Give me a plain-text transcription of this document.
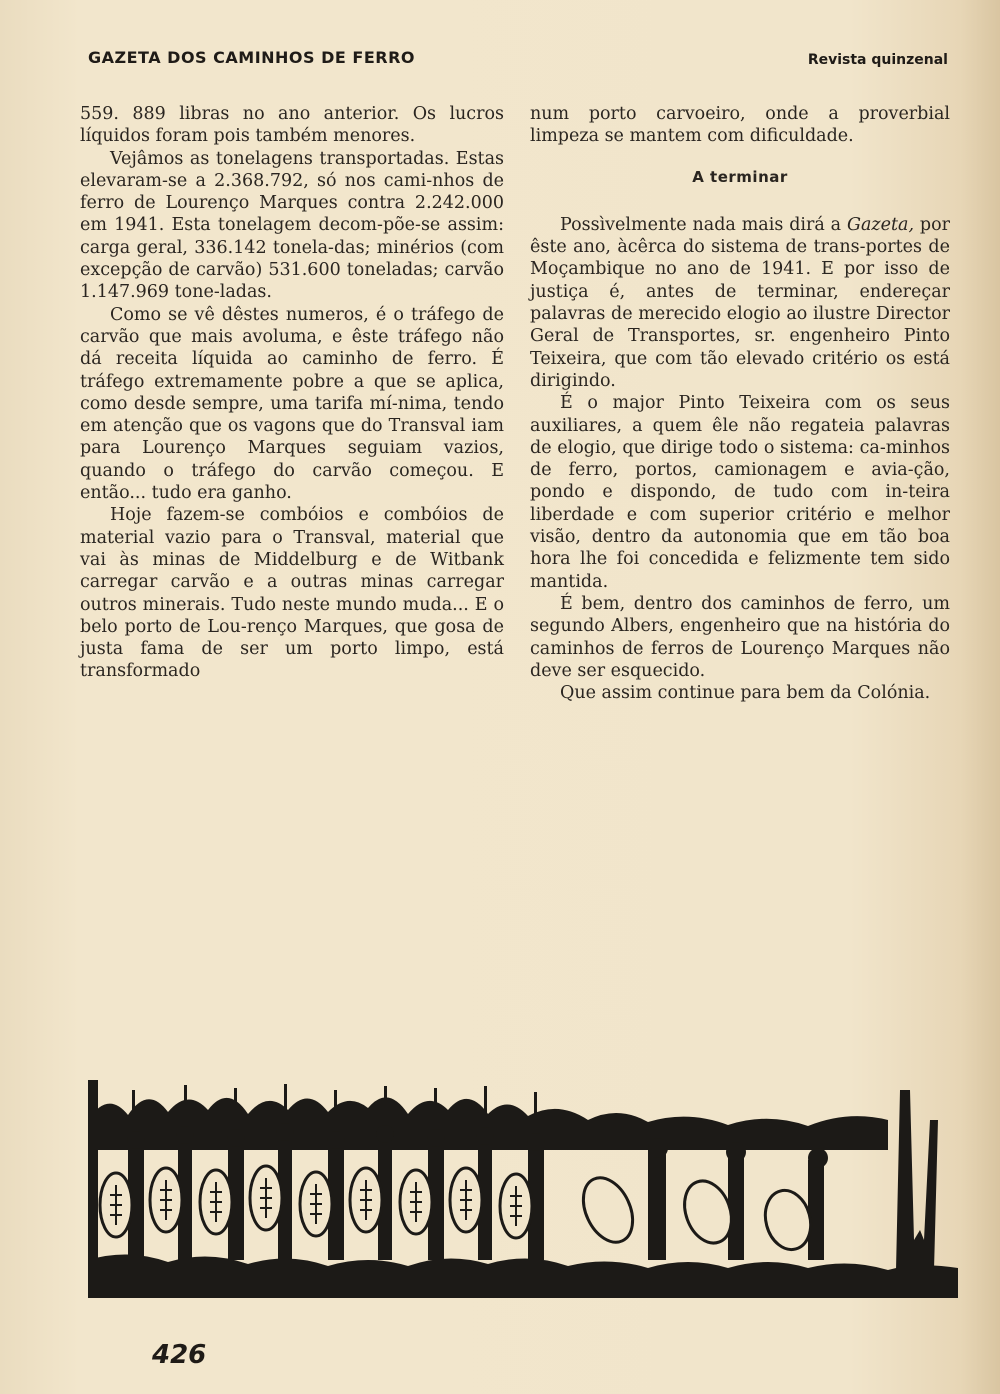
GAZETA DOS CAMINHOS DE FERRO	Revista quinzenal

559. 889 libras no ano anterior. Os lucros líquidos foram pois também menores.

Vejâmos as tonelagens transportadas. Estas elevaram-se a 2.368.792, só nos cami-nhos de ferro de Lourenço Marques contra 2.242.000 em 1941. Esta tonelagem decom-põe-se assim: carga geral, 336.142 tonela-das; minérios (com excepção de carvão) 531.600 toneladas; carvão 1.147.969 tone-ladas.

Como se vê dêstes numeros, é o tráfego de carvão que mais avoluma, e êste tráfego não dá receita líquida ao caminho de ferro. É tráfego extremamente pobre a que se aplica, como desde sempre, uma tarifa mí-nima, tendo em atenção que os vagons que do Transval iam para Lourenço Marques seguiam vazios, quando o tráfego do carvão começou. E então... tudo era ganho.

Hoje fazem-se combóios e combóios de material vazio para o Transval, material que vai às minas de Middelburg e de Witbank carregar carvão e a outras minas carregar outros minerais. Tudo neste mundo muda... E o belo porto de Lou-renço Marques, que gosa de justa fama de ser um porto limpo, está transformado

num porto carvoeiro, onde a proverbial limpeza se mantem com dificuldade.

A terminar

Possìvelmente nada mais dirá a Gazeta, por êste ano, àcêrca do sistema de trans-portes de Moçambique no ano de 1941. E por isso de justiça é, antes de terminar, endereçar palavras de merecido elogio ao ilustre Director Geral de Transportes, sr. engenheiro Pinto Teixeira, que com tão elevado critério os está dirigindo.

É o major Pinto Teixeira com os seus auxiliares, a quem êle não regateia palavras de elogio, que dirige todo o sistema: ca-minhos de ferro, portos, camionagem e avia-ção, pondo e dispondo, de tudo com in-teira liberdade e com superior critério e melhor visão, dentro da autonomia que em tão boa hora lhe foi concedida e felizmente tem sido mantida.

É bem, dentro dos caminhos de ferro, um segundo Albers, engenheiro que na história do caminhos de ferros de Lourenço Marques não deve ser esquecido.

Que assim continue para bem da Colónia.

426
